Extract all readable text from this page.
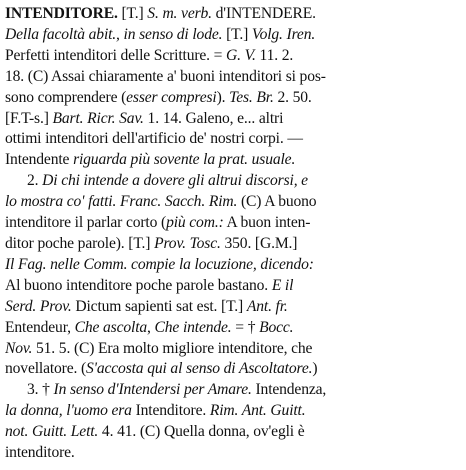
INTENDITORE. [T.] S. m. verb. d'INTENDERE.
Della facoltà abit., in senso di lode. [T.] Volg. Iren.
Perfetti intenditori delle Scritture. = G. V. 11. 2.
18. (C) Assai chiaramente a' buoni intenditori si pos-
sono comprendere (esser compresi). Tes. Br. 2. 50.
[F.T-s.] Bart. Ricr. Sav. 1. 14. Galeno, e... altri
ottimi intenditori dell'artificio de' nostri corpi. —
Intendente riguarda più sovente la prat. usuale.
2. Di chi intende a dovere gli altrui discorsi, e
lo mostra co' fatti. Franc. Sacch. Rim. (C) A buono
intenditore il parlar corto (più com.: A buon inten-
ditor poche parole). [T.] Prov. Tosc. 350. [G.M.]
Il Fag. nelle Comm. compie la locuzione, dicendo:
Al buono intenditore poche parole bastano. E il
Serd. Prov. Dictum sapienti sat est. [T.] Ant. fr.
Entendeur, Che ascolta, Che intende. = † Bocc.
Nov. 51. 5. (C) Era molto migliore intenditore, che
novellatore. (S'accosta qui al senso di Ascoltatore.)
3. † In senso d'Intendersi per Amare. Intendenza,
la donna, l'uomo era Intenditore. Rim. Ant. Guitt.
not. Guitt. Lett. 4. 41. (C) Quella donna, ov'egli è
intenditore.
